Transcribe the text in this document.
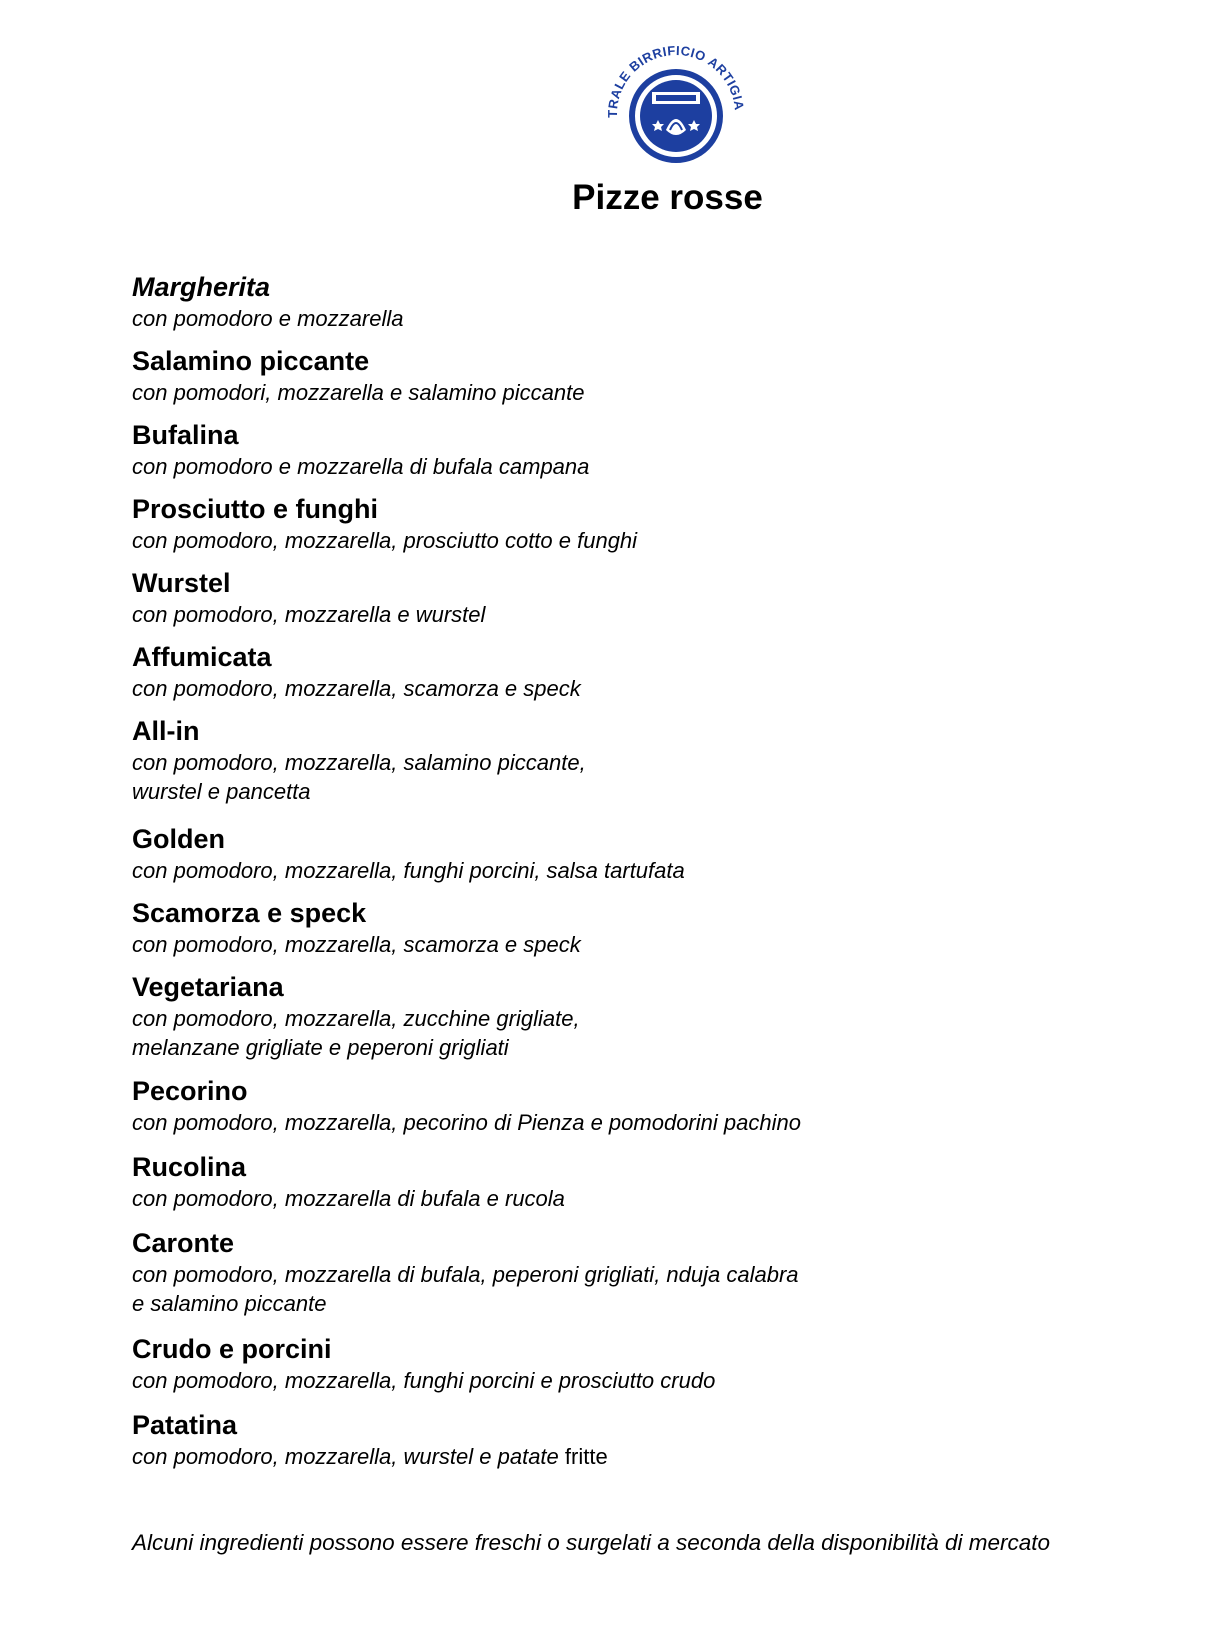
TRALE BIRRIFICIO ARTIGIA
Pizze rosse
Margherita
con pomodoro e mozzarella
Salamino piccante
con pomodori, mozzarella e salamino piccante
Bufalina
con pomodoro e mozzarella di bufala campana
Prosciutto e funghi
con pomodoro, mozzarella, prosciutto cotto e funghi
Wurstel
con pomodoro, mozzarella e wurstel
Affumicata
con pomodoro, mozzarella, scamorza e speck
All-in
con pomodoro, mozzarella, salamino piccante,
wurstel e pancetta
Golden
con pomodoro, mozzarella, funghi porcini, salsa tartufata
Scamorza e speck
con pomodoro, mozzarella, scamorza e speck
Vegetariana
con pomodoro, mozzarella, zucchine grigliate,
melanzane grigliate e peperoni grigliati
Pecorino
con pomodoro, mozzarella, pecorino di Pienza e pomodorini pachino
Rucolina
con pomodoro, mozzarella di bufala e rucola
Caronte
con pomodoro, mozzarella di bufala, peperoni grigliati, nduja calabra
e salamino piccante
Crudo e porcini
con pomodoro, mozzarella, funghi porcini e prosciutto crudo
Patatina
con pomodoro, mozzarella, wurstel e patate fritte
Alcuni ingredienti possono essere freschi o surgelati a seconda della disponibilità di mercato
